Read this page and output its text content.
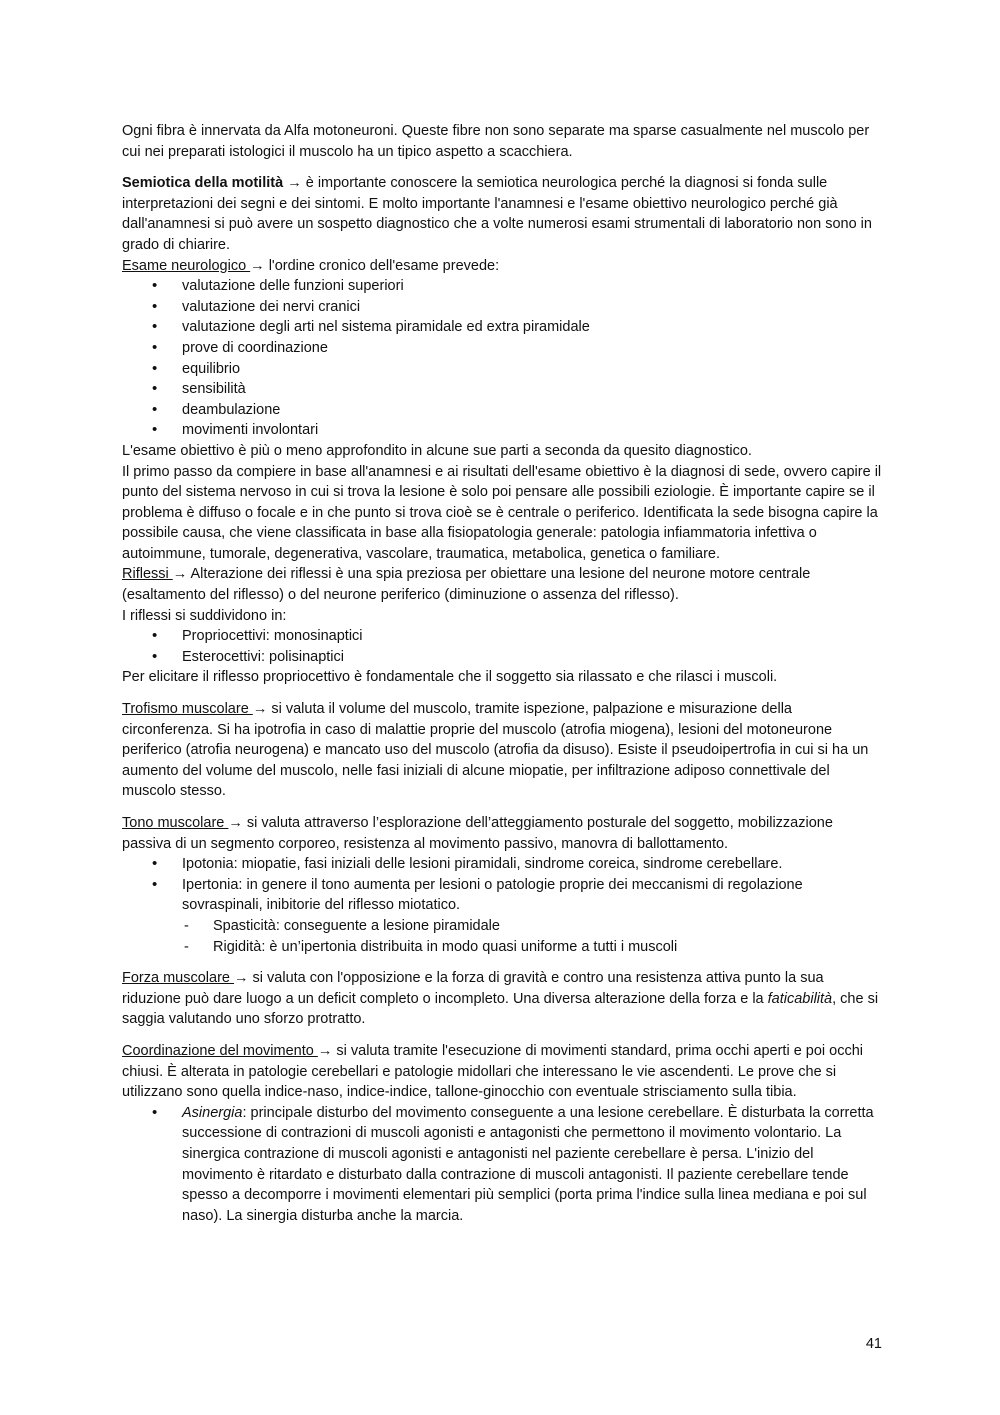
Ogni fibra è innervata da Alfa motoneuroni. Queste fibre non sono separate ma sparse casualmente nel muscolo per cui nei preparati istologici il muscolo ha un tipico aspetto a scacchiera.

Semiotica della motilità → è importante conoscere la semiotica neurologica perché la diagnosi si fonda sulle interpretazioni dei segni e dei sintomi. E molto importante l'anamnesi e l'esame obiettivo neurologico perché già dall'anamnesi si può avere un sospetto diagnostico che a volte numerosi esami strumentali di laboratorio non sono in grado di chiarire.

Esame neurologico → l'ordine cronico dell'esame prevede:

• valutazione delle funzioni superiori
• valutazione dei nervi cranici
• valutazione degli arti nel sistema piramidale ed extra piramidale
• prove di coordinazione
• equilibrio
• sensibilità
• deambulazione
• movimenti involontari

L'esame obiettivo è più o meno approfondito in alcune sue parti a seconda da quesito diagnostico.

Il primo passo da compiere in base all'anamnesi e ai risultati dell'esame obiettivo è la diagnosi di sede, ovvero capire il punto del sistema nervoso in cui si trova la lesione è solo poi pensare alle possibili eziologie. È importante capire se il problema è diffuso o focale e in che punto si trova cioè se è centrale o periferico. Identificata la sede bisogna capire la possibile causa, che viene classificata in base alla fisiopatologia generale: patologia infiammatoria infettiva o autoimmune, tumorale, degenerativa, vascolare, traumatica, metabolica, genetica o familiare.

Riflessi → Alterazione dei riflessi è una spia preziosa per obiettare una lesione del neurone motore centrale (esaltamento del riflesso) o del neurone periferico (diminuzione o assenza del riflesso).

I riflessi si suddividono in:

• Propriocettivi: monosinaptici
• Esterocettivi: polisinaptici

Per elicitare il riflesso propriocettivo è fondamentale che il soggetto sia rilassato e che rilasci i muscoli.

Trofismo muscolare → si valuta il volume del muscolo, tramite ispezione, palpazione e misurazione della circonferenza. Si ha ipotrofia in caso di malattie proprie del muscolo (atrofia miogena), lesioni del motoneurone periferico (atrofia neurogena) e mancato uso del muscolo (atrofia da disuso). Esiste il pseudoipertrofia in cui si ha un aumento del volume del muscolo, nelle fasi iniziali di alcune miopatie, per infiltrazione adiposo connettivale del muscolo stesso.

Tono muscolare → si valuta attraverso l’esplorazione dell’atteggiamento posturale del soggetto, mobilizzazione passiva di un segmento corporeo, resistenza al movimento passivo, manovra di ballottamento.

• Ipotonia: miopatie, fasi iniziali delle lesioni piramidali, sindrome coreica, sindrome cerebellare.
• Ipertonia: in genere il tono aumenta per lesioni o patologie proprie dei meccanismi di regolazione sovraspinali, inibitorie del riflesso miotatico.
- Spasticità: conseguente a lesione piramidale
- Rigidità: è un’ipertonia distribuita in modo quasi uniforme a tutti i muscoli

Forza muscolare → si valuta con l'opposizione e la forza di gravità e contro una resistenza attiva punto la sua riduzione può dare luogo a un deficit completo o incompleto. Una diversa alterazione della forza e la faticabilità, che si saggia valutando uno sforzo protratto.

Coordinazione del movimento → si valuta tramite l'esecuzione di movimenti standard, prima occhi aperti e poi occhi chiusi. È alterata in patologie cerebellari e patologie midollari che interessano le vie ascendenti. Le prove che si utilizzano sono quella indice-naso, indice-indice, tallone-ginocchio con eventuale strisciamento sulla tibia.

• Asinergia: principale disturbo del movimento conseguente a una lesione cerebellare. È disturbata la corretta successione di contrazioni di muscoli agonisti e antagonisti che permettono il movimento volontario. La sinergica contrazione di muscoli agonisti e antagonisti nel paziente cerebellare è persa. L'inizio del movimento è ritardato e disturbato dalla contrazione di muscoli antagonisti. Il paziente cerebellare tende spesso a decomporre i movimenti elementari più semplici (porta prima l'indice sulla linea mediana e poi sul naso). La sinergia disturba anche la marcia.
41
